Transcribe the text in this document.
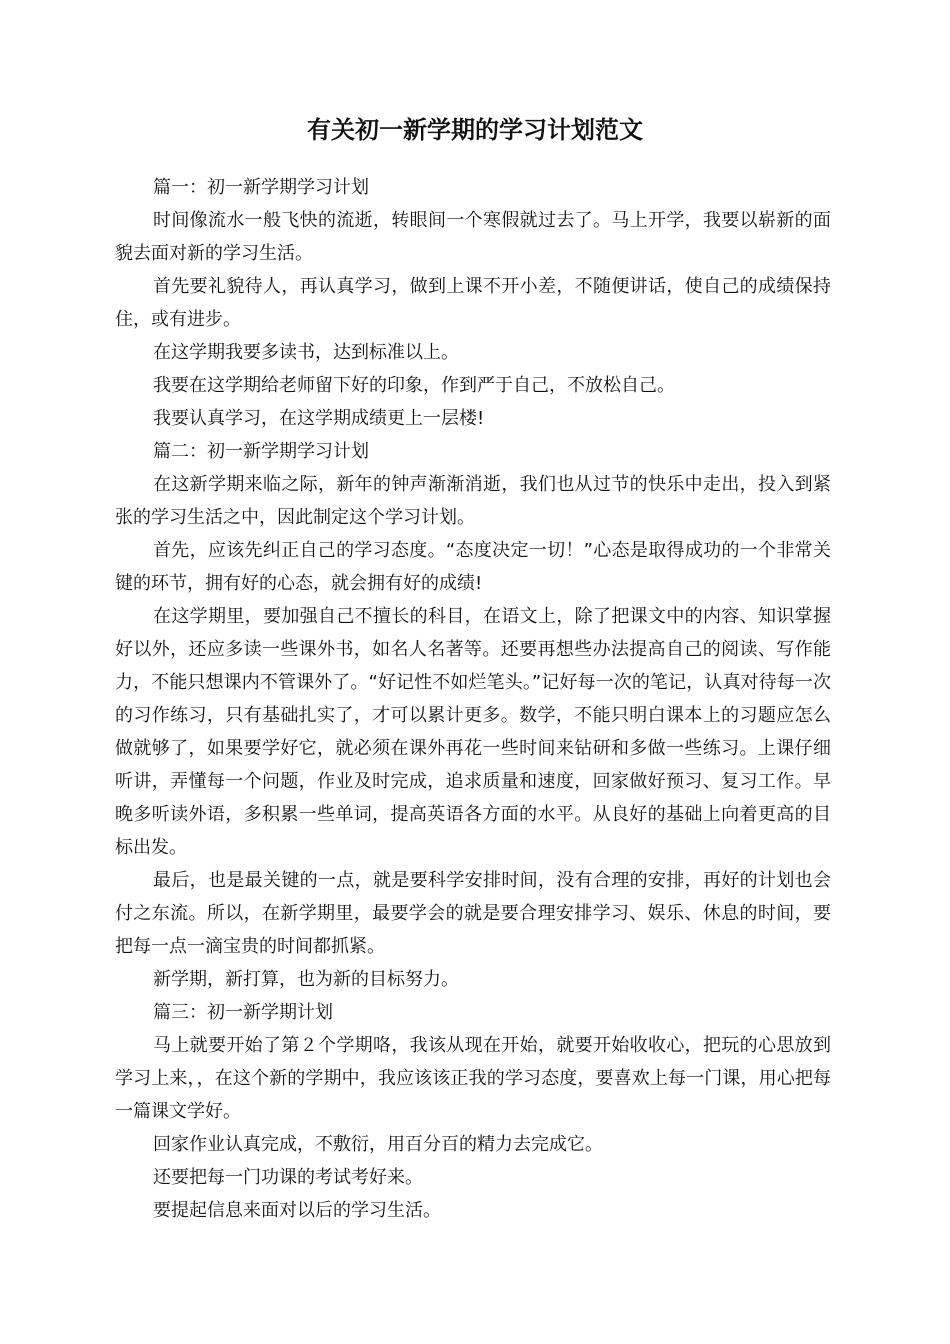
有关初一新学期的学习计划范文

篇一：初一新学期学习计划

时间像流水一般飞快的流逝，转眼间一个寒假就过去了。马上开学，我要以崭新的面貌去面对新的学习生活。

首先要礼貌待人，再认真学习，做到上课不开小差，不随便讲话，使自己的成绩保持住，或有进步。

在这学期我要多读书，达到标准以上。

我要在这学期给老师留下好的印象，作到严于自己，不放松自己。

我要认真学习，在这学期成绩更上一层楼!

篇二：初一新学期学习计划

在这新学期来临之际，新年的钟声渐渐消逝，我们也从过节的快乐中走出，投入到紧张的学习生活之中，因此制定这个学习计划。

首先，应该先纠正自己的学习态度。“态度决定一切！”心态是取得成功的一个非常关键的环节，拥有好的心态，就会拥有好的成绩!

在这学期里，要加强自己不擅长的科目，在语文上，除了把课文中的内容、知识掌握好以外，还应多读一些课外书，如名人名著等。还要再想些办法提高自己的阅读、写作能力，不能只想课内不管课外了。“好记性不如烂笔头。”记好每一次的笔记，认真对待每一次的习作练习，只有基础扎实了，才可以累计更多。数学，不能只明白课本上的习题应怎么做就够了，如果要学好它，就必须在课外再花一些时间来钻研和多做一些练习。上课仔细听讲，弄懂每一个问题，作业及时完成，追求质量和速度，回家做好预习、复习工作。早晚多听读外语，多积累一些单词，提高英语各方面的水平。从良好的基础上向着更高的目标出发。

最后，也是最关键的一点，就是要科学安排时间，没有合理的安排，再好的计划也会付之东流。所以，在新学期里，最要学会的就是要合理安排学习、娱乐、休息的时间，要把每一点一滴宝贵的时间都抓紧。

新学期，新打算，也为新的目标努力。

篇三：初一新学期计划

马上就要开始了第２个学期咯，我该从现在开始，就要开始收收心，把玩的心思放到学习上来，，在这个新的学期中，我应该该正我的学习态度，要喜欢上每一门课，用心把每一篇课文学好。

回家作业认真完成，不敷衍，用百分百的精力去完成它。

还要把每一门功课的考试考好来。

要提起信息来面对以后的学习生活。
